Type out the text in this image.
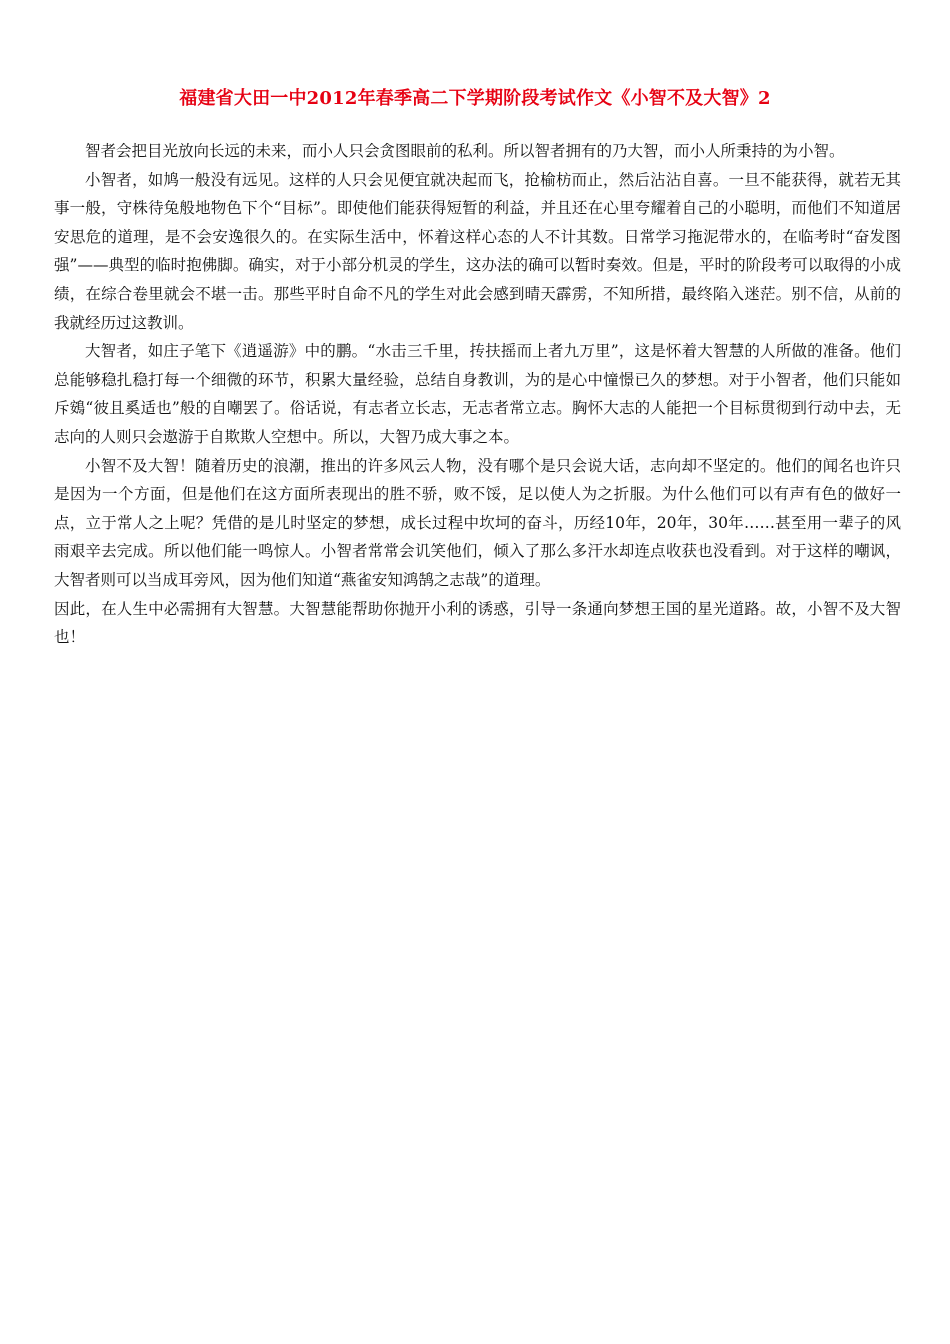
福建省大田一中2012年春季高二下学期阶段考试作文《小智不及大智》2

智者会把目光放向长远的未来，而小人只会贪图眼前的私利。所以智者拥有的乃大智，而小人所秉持的为小智。

小智者，如鸠一般没有远见。这样的人只会见便宜就决起而飞，抢榆枋而止，然后沾沾自喜。一旦不能获得，就若无其事一般，守株待兔般地物色下个“目标”。即使他们能获得短暂的利益，并且还在心里夸耀着自己的小聪明，而他们不知道居安思危的道理，是不会安逸很久的。在实际生活中，怀着这样心态的人不计其数。日常学习拖泥带水的，在临考时“奋发图强”——典型的临时抱佛脚。确实，对于小部分机灵的学生，这办法的确可以暂时奏效。但是，平时的阶段考可以取得的小成绩，在综合卷里就会不堪一击。那些平时自命不凡的学生对此会感到晴天霹雳，不知所措，最终陷入迷茫。别不信，从前的我就经历过这教训。

大智者，如庄子笔下《逍遥游》中的鹏。“水击三千里，抟扶摇而上者九万里”，这是怀着大智慧的人所做的准备。他们总能够稳扎稳打每一个细微的环节，积累大量经验，总结自身教训，为的是心中憧憬已久的梦想。对于小智者，他们只能如斥鴳“彼且奚适也”般的自嘲罢了。俗话说，有志者立长志，无志者常立志。胸怀大志的人能把一个目标贯彻到行动中去，无志向的人则只会遨游于自欺欺人空想中。所以，大智乃成大事之本。

小智不及大智！随着历史的浪潮，推出的许多风云人物，没有哪个是只会说大话，志向却不坚定的。他们的闻名也许只是因为一个方面，但是他们在这方面所表现出的胜不骄，败不馁，足以使人为之折服。为什么他们可以有声有色的做好一点，立于常人之上呢？凭借的是儿时坚定的梦想，成长过程中坎坷的奋斗，历经10年，20年，30年……甚至用一辈子的风雨艰辛去完成。所以他们能一鸣惊人。小智者常常会讥笑他们，倾入了那么多汗水却连点收获也没看到。对于这样的嘲讽，大智者则可以当成耳旁风，因为他们知道“燕雀安知鸿鹄之志哉”的道理。

因此，在人生中必需拥有大智慧。大智慧能帮助你抛开小利的诱惑，引导一条通向梦想王国的星光道路。故，小智不及大智也！
